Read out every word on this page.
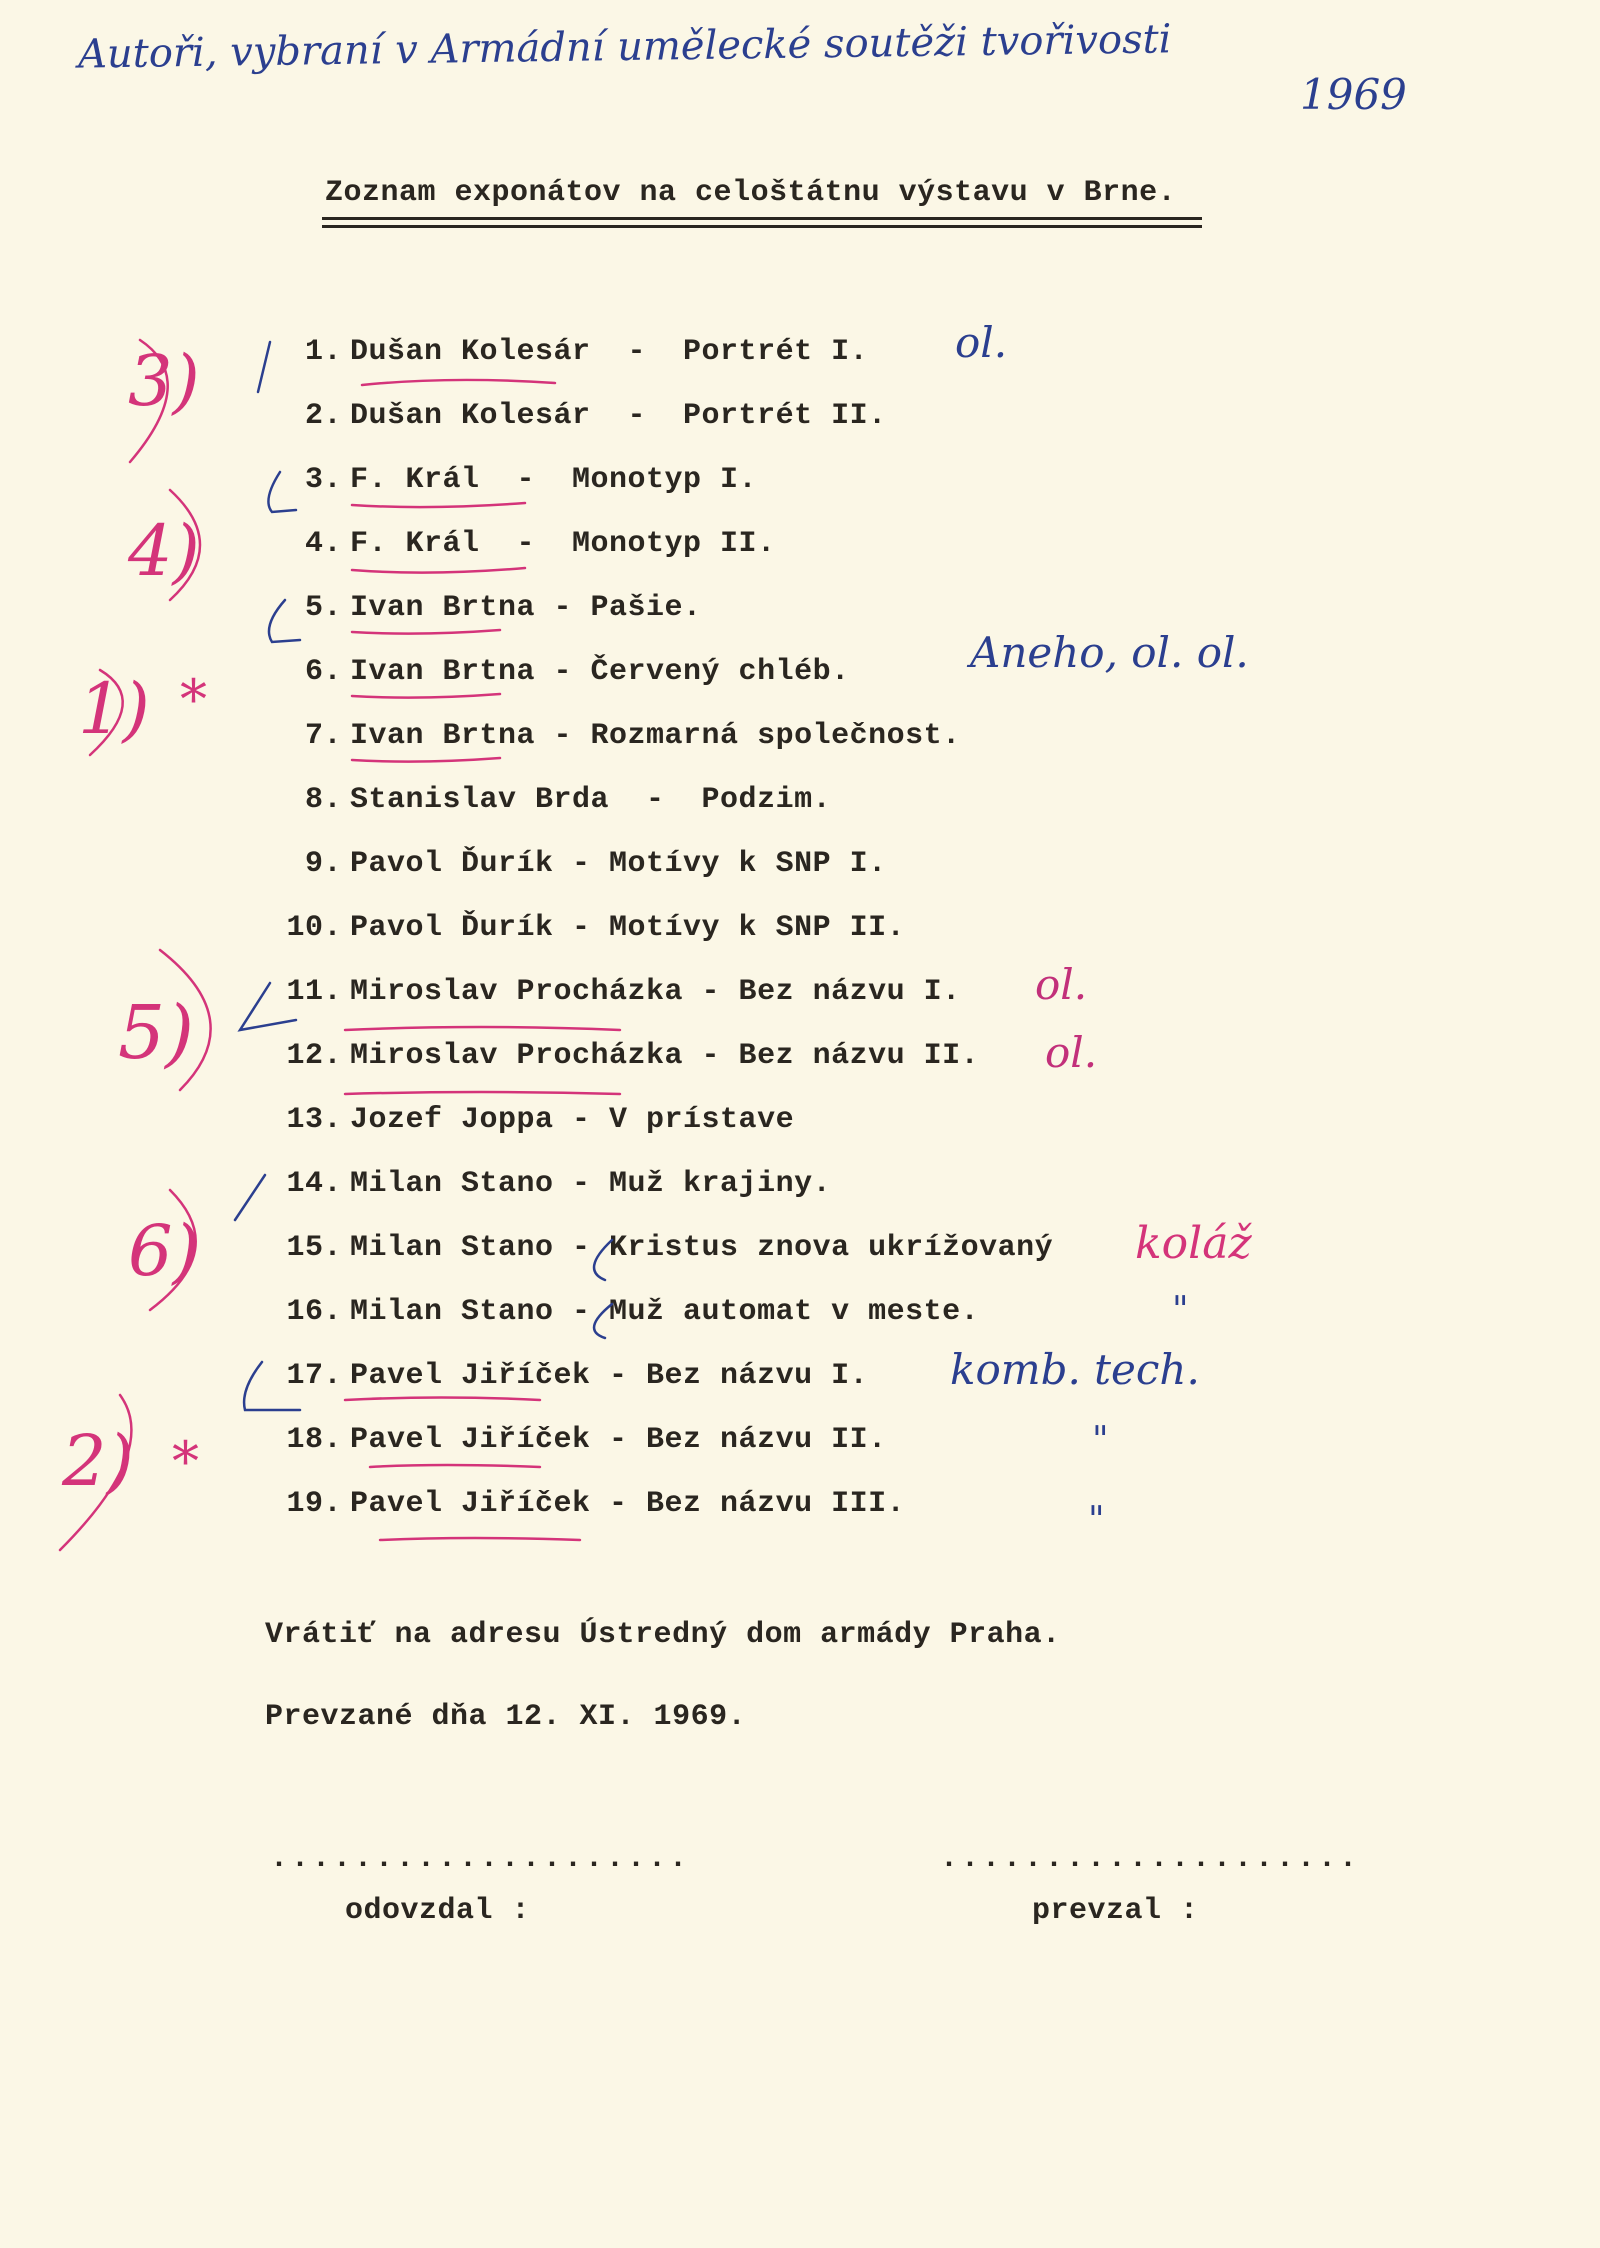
Autoři, vybraní v Armádní umělecké soutěži tvořivosti
1969
Zoznam exponátov na celoštátnu výstavu v Brne.
1. Dušan Kolesár  -  Portrét I.
2. Dušan Kolesár  -  Portrét II.
3. F. Král  -  Monotyp I.
4. F. Král  -  Monotyp II.
5. Ivan Brtna - Pašie.
6. Ivan Brtna - Červený chléb.
7. Ivan Brtna - Rozmarná společnost.
8. Stanislav Brda  -  Podzim.
9. Pavol Ďurík - Motívy k SNP I.
10. Pavol Ďurík - Motívy k SNP II.
11. Miroslav Procházka - Bez názvu I.
12. Miroslav Procházka - Bez názvu II.
13. Jozef Joppa - V prístave
14. Milan Stano - Muž krajiny.
15. Milan Stano - Kristus znova ukrížovaný
16. Milan Stano - Muž automat v meste.
17. Pavel Jiříček - Bez názvu I.
18. Pavel Jiříček - Bez názvu II.
19. Pavel Jiříček - Bez názvu III.
Vrátiť na adresu Ústredný dom armády Praha.
Prevzané dňa 12. XI. 1969.
....................	....................
odovzdal :	prevzal :
ol.
Aneho, ol. ol.
ol.
ol.
komb. tech.
3)
4)
1) *
5)
6)
2) *
koláž
"
"
"
